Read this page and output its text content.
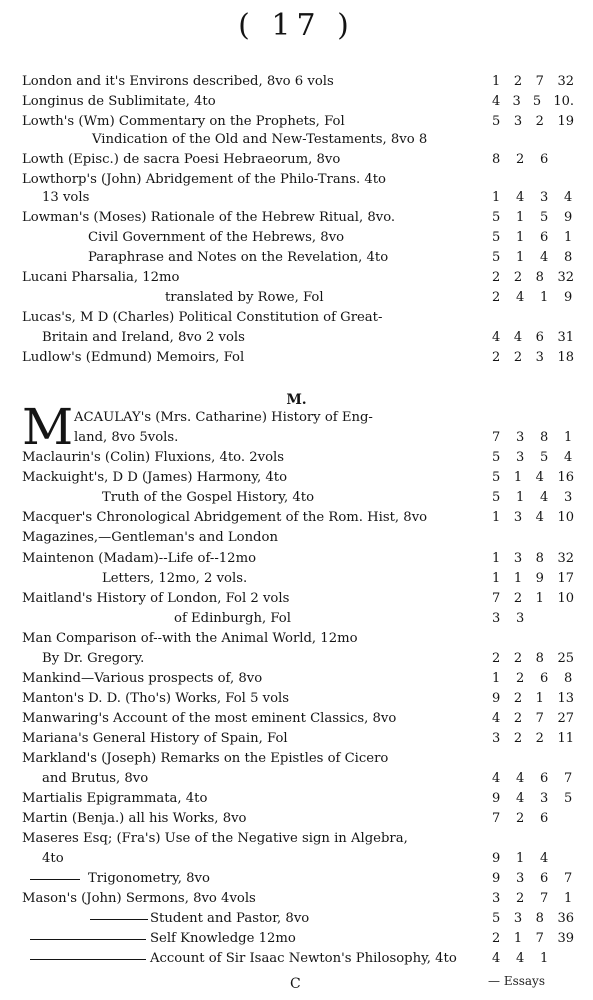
( 17 )
M.
M
London and it's Environs described, 8vo 6 vols	1 2 7 32
Longinus de Sublimitate, 4to	4 3 5 10.
Lowth's (Wm) Commentary on the Prophets, Fol	5 3 2 19
Vindication of the Old and New-Testaments, 8vo 8
Lowth (Episc.) de sacra Poesi Hebraeorum, 8vo	8 2 6
Lowthorp's (John) Abridgement of the Philo-Trans. 4to
13 vols	1 4 3 4
Lowman's (Moses) Rationale of the Hebrew Ritual, 8vo.	5 1 5 9
Civil Government of the Hebrews, 8vo	5 1 6 1
Paraphrase and Notes on the Revelation, 4to	5 1 4 8
Lucani Pharsalia, 12mo	2 2 8 32
translated by Rowe, Fol	2 4 1 9
Lucas's, M D (Charles) Political Constitution of Great-
Britain and Ireland, 8vo 2 vols	4 4 6 31
Ludlow's (Edmund) Memoirs, Fol	2 2 3 18
ACAULAY's (Mrs. Catharine) History of Eng-
land, 8vo 5vols.	7 3 8 1
Maclaurin's (Colin) Fluxions, 4to. 2vols	5 3 5 4
Mackuight's, D D (James) Harmony, 4to	5 1 4 16
Truth of the Gospel History, 4to	5 1 4 3
Macquer's Chronological Abridgement of the Rom. Hist, 8vo	1 3 4 10
Magazines,—Gentleman's and London
Maintenon (Madam)--Life of--12mo	1 3 8 32
Letters, 12mo, 2 vols.	1 1 9 17
Maitland's History of London, Fol 2 vols	7 2 1 10
of Edinburgh, Fol	3 3
Man Comparison of--with the Animal World, 12mo
By Dr. Gregory.	2 2 8 25
Mankind—Various prospects of, 8vo	1 2 6 8
Manton's D. D. (Tho's) Works, Fol 5 vols	9 2 1 13
Manwaring's Account of the most eminent Classics, 8vo	4 2 7 27
Mariana's General History of Spain, Fol	3 2 2 11
Markland's (Joseph) Remarks on the Epistles of Cicero
and Brutus, 8vo	4 4 6 7
Martialis Epigrammata, 4to	9 4 3 5
Martin (Benja.) all his Works, 8vo	7 2 6
Maseres Esq; (Fra's) Use of the Negative sign in Algebra,
4to	9 1 4
Trigonometry, 8vo	9 3 6 7
Mason's (John) Sermons, 8vo 4vols	3 2 7 1
Student and Pastor, 8vo	5 3 8 36
Self Knowledge 12mo	2 1 7 39
Account of Sir Isaac Newton's Philosophy, 4to	4 4 1
C	— Essays
